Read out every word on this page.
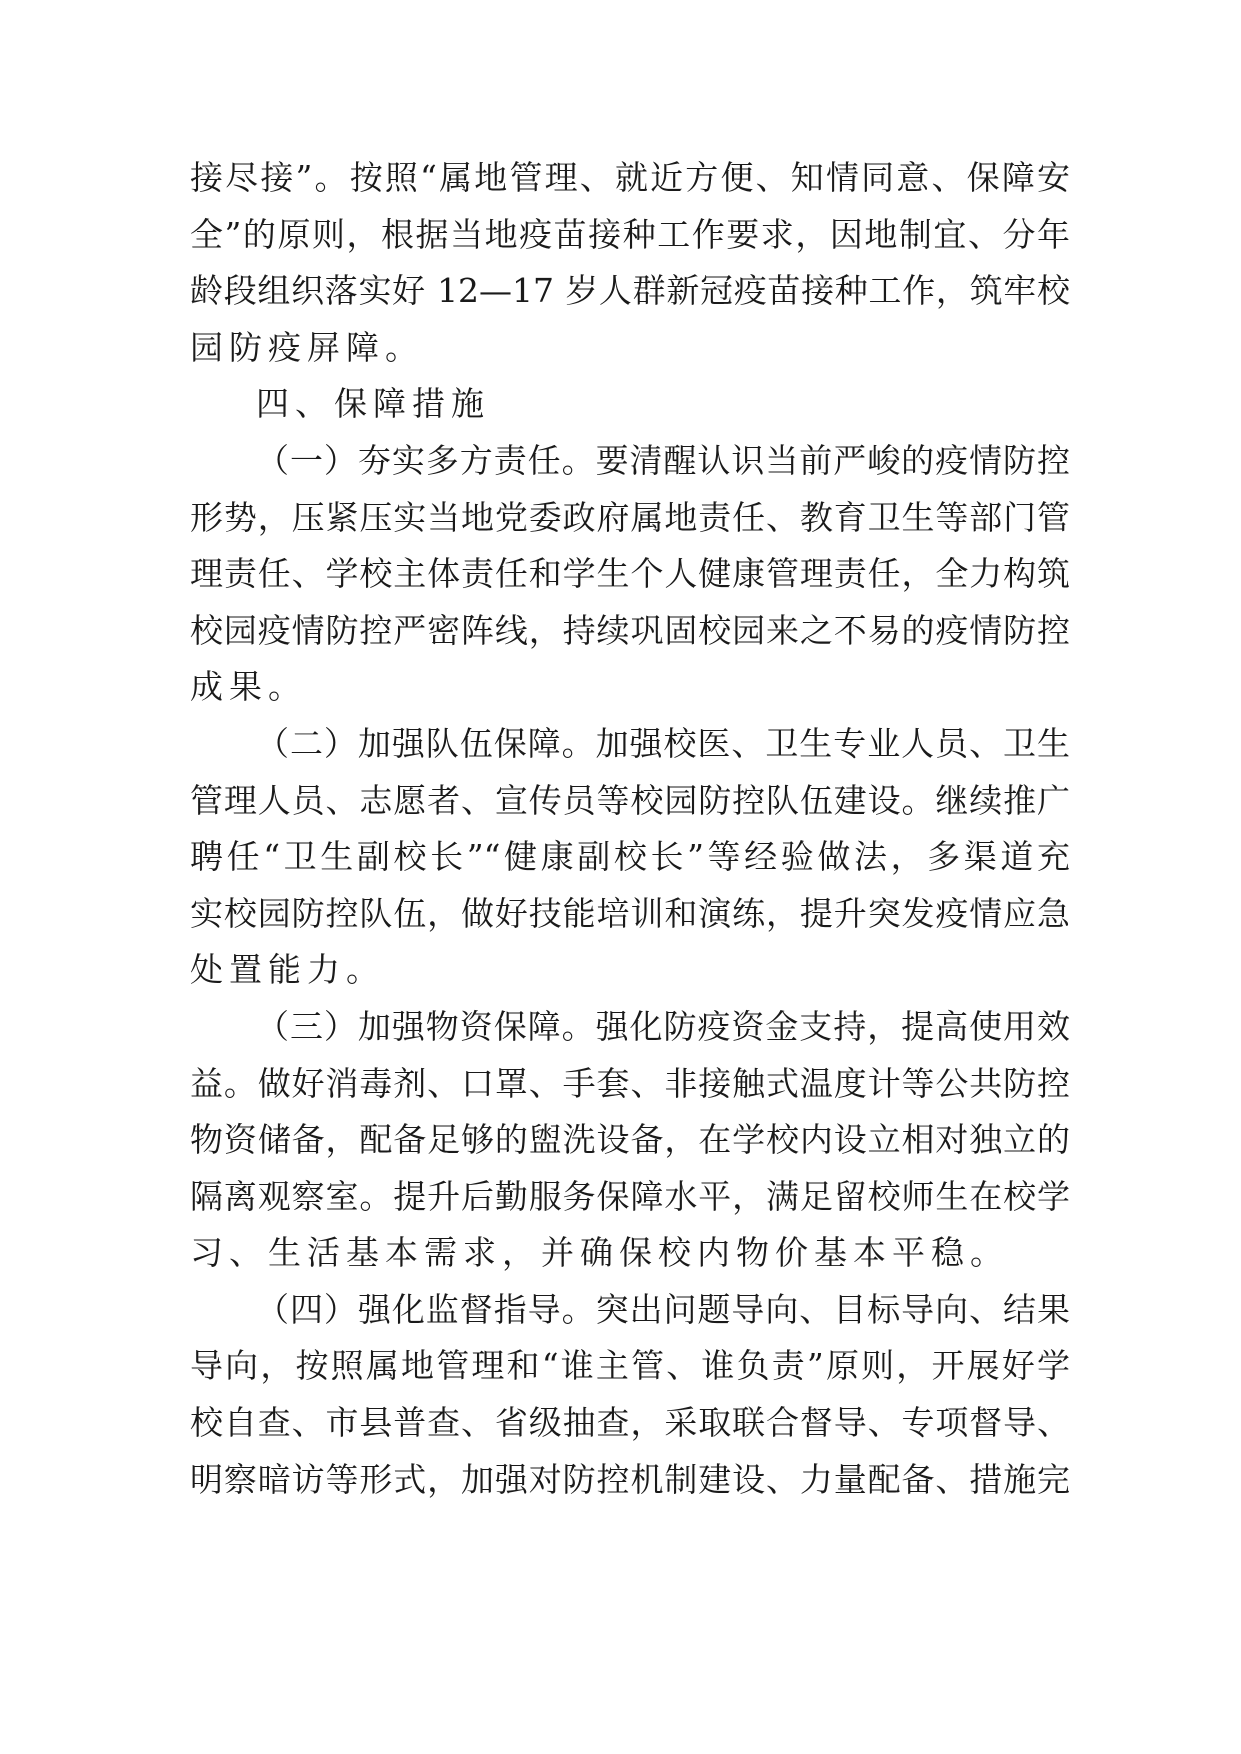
接尽接”。按照“属地管理、就近方便、知情同意、保障安
全”的原则，根据当地疫苗接种工作要求，因地制宜、分年
龄段组织落实好 12—17 岁人群新冠疫苗接种工作，筑牢校
园防疫屏障。
四、保障措施
（一）夯实多方责任。要清醒认识当前严峻的疫情防控
形势，压紧压实当地党委政府属地责任、教育卫生等部门管
理责任、学校主体责任和学生个人健康管理责任，全力构筑
校园疫情防控严密阵线，持续巩固校园来之不易的疫情防控
成果。
（二）加强队伍保障。加强校医、卫生专业人员、卫生
管理人员、志愿者、宣传员等校园防控队伍建设。继续推广
聘任“卫生副校长”“健康副校长”等经验做法，多渠道充
实校园防控队伍，做好技能培训和演练，提升突发疫情应急
处置能力。
（三）加强物资保障。强化防疫资金支持，提高使用效
益。做好消毒剂、口罩、手套、非接触式温度计等公共防控
物资储备，配备足够的盥洗设备，在学校内设立相对独立的
隔离观察室。提升后勤服务保障水平，满足留校师生在校学
习、生活基本需求，并确保校内物价基本平稳。
（四）强化监督指导。突出问题导向、目标导向、结果
导向，按照属地管理和“谁主管、谁负责”原则，开展好学
校自查、市县普查、省级抽查，采取联合督导、专项督导、
明察暗访等形式，加强对防控机制建设、力量配备、措施完
